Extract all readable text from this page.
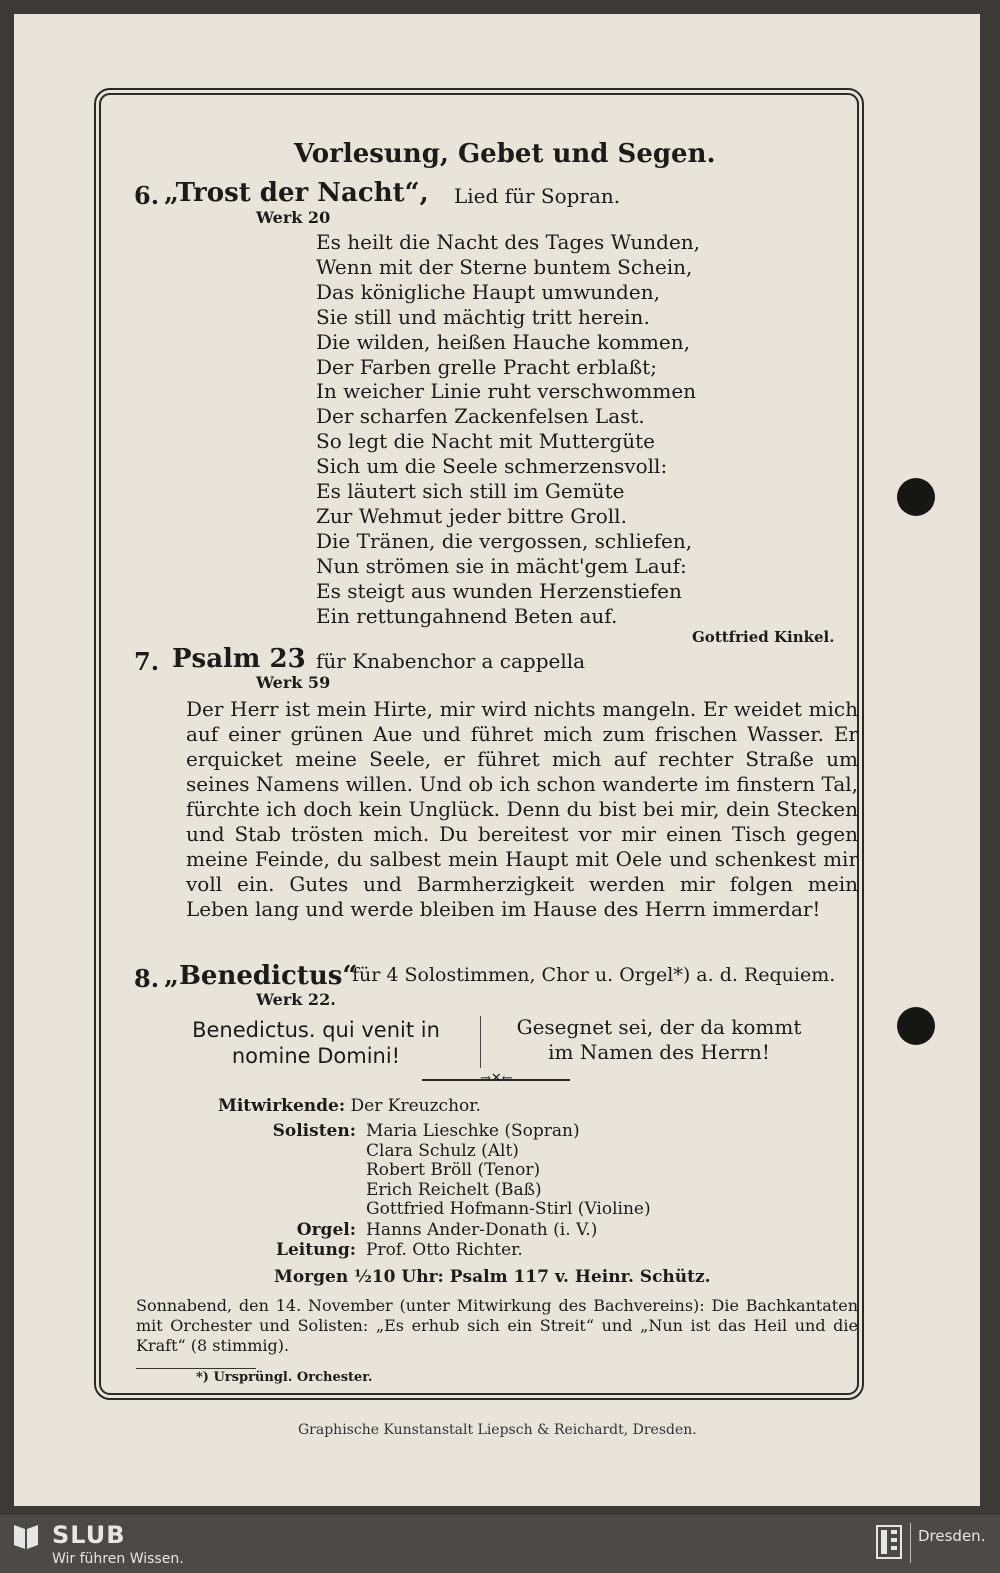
Vorlesung, Gebet und Segen.
6. „Trost der Nacht“, Lied für Sopran.
Werk 20
Es heilt die Nacht des Tages Wunden,
Wenn mit der Sterne buntem Schein,
Das königliche Haupt umwunden,
Sie still und mächtig tritt herein.
Die wilden, heißen Hauche kommen,
Der Farben grelle Pracht erblaßt;
In weicher Linie ruht verschwommen
Der scharfen Zackenfelsen Last.
So legt die Nacht mit Muttergüte
Sich um die Seele schmerzensvoll:
Es läutert sich still im Gemüte
Zur Wehmut jeder bittre Groll.
Die Tränen, die vergossen, schliefen,
Nun strömen sie in mächt'gem Lauf:
Es steigt aus wunden Herzenstiefen
Ein rettungahnend Beten auf.
Gottfried Kinkel.
7. Psalm 23 für Knabenchor a cappella
Werk 59
Der Herr ist mein Hirte, mir wird nichts mangeln. Er weidet mich auf einer grünen Aue und führet mich zum frischen Wasser. Er erquicket meine Seele, er führet mich auf rechter Straße um seines Namens willen. Und ob ich schon wanderte im finstern Tal, fürchte ich doch kein Unglück. Denn du bist bei mir, dein Stecken und Stab trösten mich. Du bereitest vor mir einen Tisch gegen meine Feinde, du salbest mein Haupt mit Oele und schenkest mir voll ein. Gutes und Barmherzigkeit werden mir folgen mein Leben lang und werde bleiben im Hause des Herrn immerdar!
8. „Benedictus“
für 4 Solostimmen, Chor u. Orgel*) a. d. Requiem.
Werk 22.
Benedictus. qui venit in
nomine Domini!
Gesegnet sei, der da kommt
im Namen des Herrn!
→✕←
Mitwirkende: Der Kreuzchor.
Solisten: Maria Lieschke (Sopran)
Clara Schulz (Alt)
Robert Bröll (Tenor)
Erich Reichelt (Baß)
Gottfried Hofmann-Stirl (Violine)
Orgel: Hanns Ander-Donath (i. V.)
Leitung: Prof. Otto Richter.
Morgen ½10 Uhr: Psalm 117 v. Heinr. Schütz.
Sonnabend, den 14. November (unter Mitwirkung des Bachvereins): Die Bachkantaten mit Orchester und Solisten: „Es erhub sich ein Streit“ und „Nun ist das Heil und die Kraft“ (8 stimmig).
*) Ursprüngl. Orchester.
Graphische Kunstanstalt Liepsch & Reichardt, Dresden.
SLUB
Wir führen Wissen.
Dresden.
